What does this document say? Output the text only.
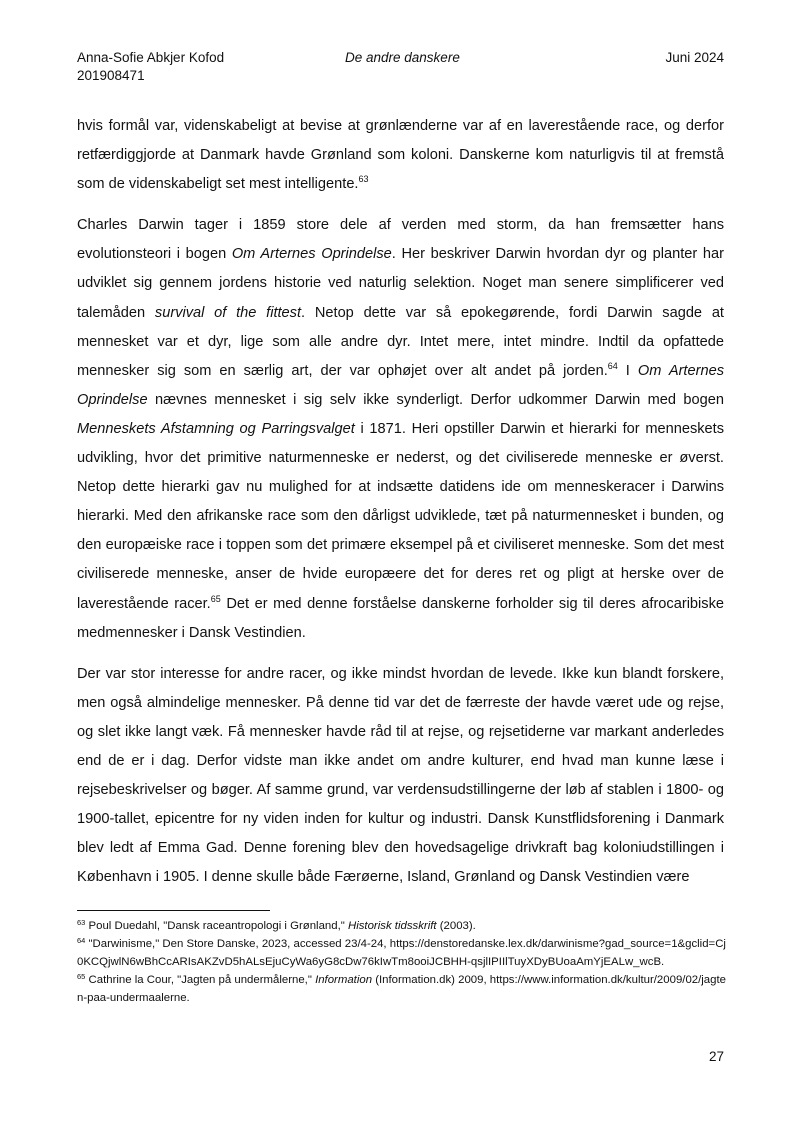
Anna-Sofie Abkjer Kofod
201908471
De andre danskere	Juni 2024

hvis formål var, videnskabeligt at bevise at grønlænderne var af en laverestående race, og derfor retfærdiggjorde at Danmark havde Grønland som koloni. Danskerne kom naturligvis til at fremstå som de videnskabeligt set mest intelligente.$^{63}$

Charles Darwin tager i 1859 store dele af verden med storm, da han fremsætter hans evolutionsteori i bogen Om Arternes Oprindelse. Her beskriver Darwin hvordan dyr og planter har udviklet sig gennem jordens historie ved naturlig selektion. Noget man senere simplificerer ved talemåden survival of the fittest. Netop dette var så epokegørende, fordi Darwin sagde at mennesket var et dyr, lige som alle andre dyr. Intet mere, intet mindre. Indtil da opfattede mennesker sig som en særlig art, der var ophøjet over alt andet på jorden.$^{64}$ I Om Arternes Oprindelse nævnes mennesket i sig selv ikke synderligt. Derfor udkommer Darwin med bogen Menneskets Afstamning og Parringsvalget i 1871. Heri opstiller Darwin et hierarki for menneskets udvikling, hvor det primitive naturmenneske er nederst, og det civiliserede menneske er øverst. Netop dette hierarki gav nu mulighed for at indsætte datidens ide om menneskeracer i Darwins hierarki. Med den afrikanske race som den dårligst udviklede, tæt på naturmennesket i bunden, og den europæiske race i toppen som det primære eksempel på et civiliseret menneske. Som det mest civiliserede menneske, anser de hvide europæere det for deres ret og pligt at herske over de laverestående racer.$^{65}$ Det er med denne forståelse danskerne forholder sig til deres afrocaribiske medmennesker i Dansk Vestindien.

Der var stor interesse for andre racer, og ikke mindst hvordan de levede. Ikke kun blandt forskere, men også almindelige mennesker. På denne tid var det de færreste der havde været ude og rejse, og slet ikke langt væk. Få mennesker havde råd til at rejse, og rejsetiderne var markant anderledes end de er i dag. Derfor vidste man ikke andet om andre kulturer, end hvad man kunne læse i rejsebeskrivelser og bøger. Af samme grund, var verdensudstillingerne der løb af stablen i 1800- og 1900-tallet, epicentre for ny viden inden for kultur og industri. Dansk Kunstflidsforening i Danmark blev ledt af Emma Gad. Denne forening blev den hovedsagelige drivkraft bag koloniudstillingen i København i 1905. I denne skulle både Færøerne, Island, Grønland og Dansk Vestindien være

$^{63}$ Poul Duedahl, "Dansk raceantropologi i Grønland," Historisk tidsskrift (2003).

$^{64}$ "Darwinisme," Den Store Danske, 2023, accessed 23/4-24, https://denstoredanske.lex.dk/darwinisme?gad_source=1&gclid=Cj0KCQjwlN6wBhCcARIsAKZvD5hALsEjuCyWa6yG8cDw76kIwTm8ooiJCBHH-qsjlIPIIlTuyXDyBUoaAmYjEALw_wcB.

$^{65}$ Cathrine la Cour, "Jagten på undermålerne," Information (Information.dk) 2009, https://www.information.dk/kultur/2009/02/jagten-paa-undermaalerne.

27
